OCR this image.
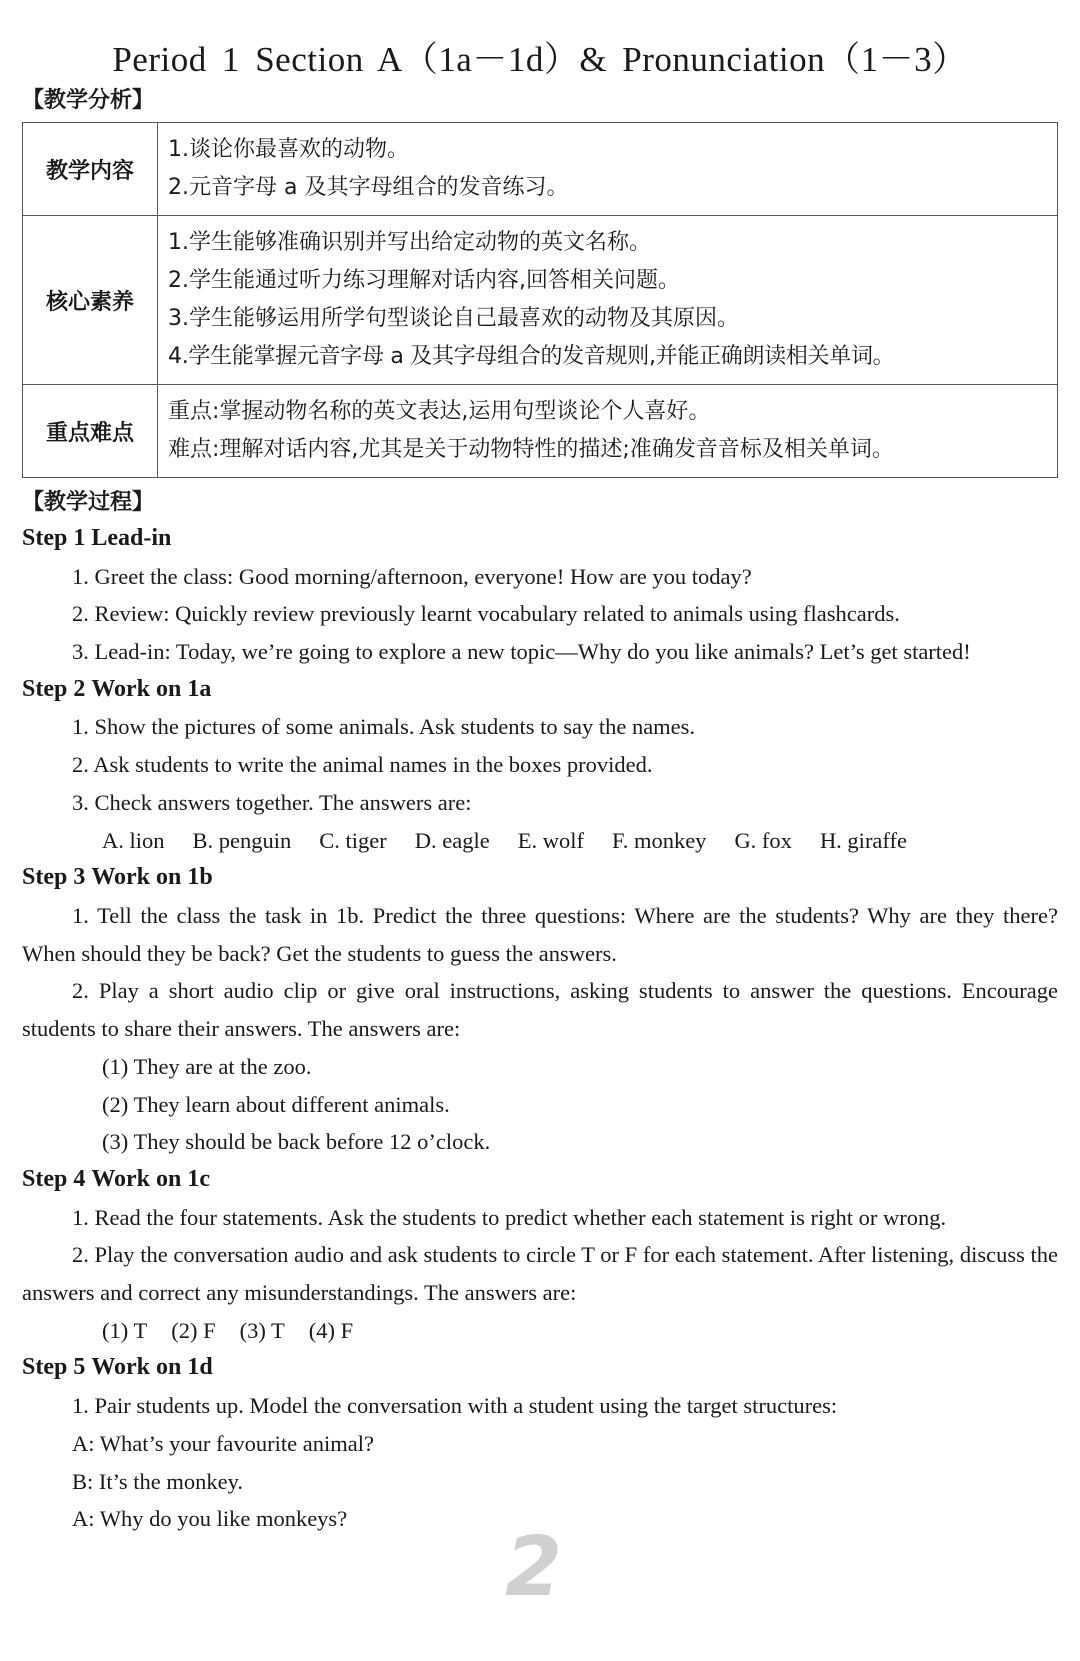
Period 1 Section A（1a－1d）& Pronunciation（1－3）
【教学分析】
教学内容	1.谈论你最喜欢的动物。
2.元音字母 a 及其字母组合的发音练习。

核心素养	1.学生能够准确识别并写出给定动物的英文名称。
2.学生能通过听力练习理解对话内容,回答相关问题。
3.学生能够运用所学句型谈论自己最喜欢的动物及其原因。
4.学生能掌握元音字母 a 及其字母组合的发音规则,并能正确朗读相关单词。

重点难点	重点:掌握动物名称的英文表达,运用句型谈论个人喜好。
难点:理解对话内容,尤其是关于动物特性的描述;准确发音音标及相关单词。
【教学过程】
Step 1 Lead-in
1. Greet the class: Good morning/afternoon, everyone! How are you today?
2. Review: Quickly review previously learnt vocabulary related to animals using flashcards.
3. Lead-in: Today, we’re going to explore a new topic—Why do you like animals? Let’s get started!
Step 2 Work on 1a
1. Show the pictures of some animals. Ask students to say the names.
2. Ask students to write the animal names in the boxes provided.
3. Check answers together. The answers are:
A. lion B. penguin C. tiger D. eagle E. wolf F. monkey G. fox H. giraffe
Step 3 Work on 1b
1. Tell the class the task in 1b. Predict the three questions: Where are the students? Why are they there? When should they be back? Get the students to guess the answers.
2. Play a short audio clip or give oral instructions, asking students to answer the questions. Encourage students to share their answers. The answers are:
(1) They are at the zoo.
(2) They learn about different animals.
(3) They should be back before 12 o’clock.
Step 4 Work on 1c
1. Read the four statements. Ask the students to predict whether each statement is right or wrong.
2. Play the conversation audio and ask students to circle T or F for each statement. After listening, discuss the answers and correct any misunderstandings. The answers are:
(1) T (2) F (3) T (4) F
Step 5 Work on 1d
1. Pair students up. Model the conversation with a student using the target structures:
A: What’s your favourite animal?
B: It’s the monkey.
A: Why do you like monkeys?
2
